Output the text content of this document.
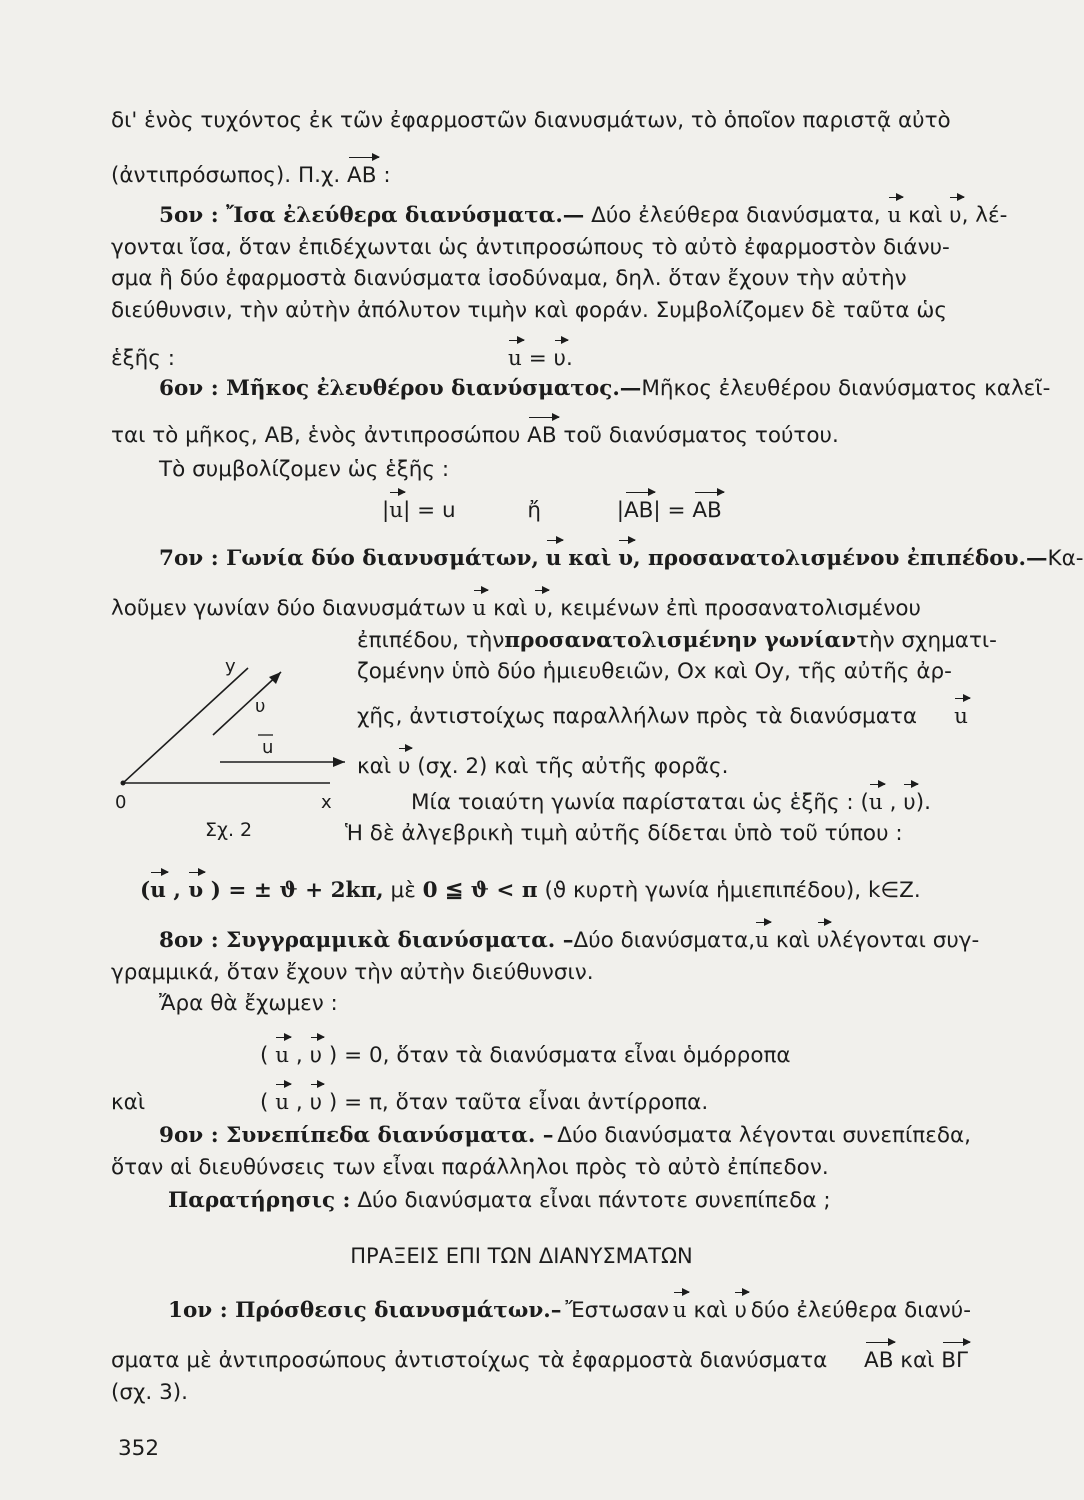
δι' ἑνὸς τυχόντος ἐκ τῶν ἐφαρμοστῶν διανυσμάτων, τὸ ὁποῖον παριστᾷ αὐτὸ
(ἀντιπρόσωπος). Π.χ. ΑΒ :
5ον : Ἴσα ἐλεύθερα διανύσματα.— Δύο ἐλεύθερα διανύσματα, u καὶ υ, λέ-
γονται ἴσα, ὅταν ἐπιδέχωνται ὡς ἀντιπροσώπους τὸ αὐτὸ ἐφαρμοστὸν διάνυ-
σμα ἢ δύο ἐφαρμοστὰ διανύσματα ἰσοδύναμα, δηλ. ὅταν ἔχουν τὴν αὐτὴν
διεύθυνσιν, τὴν αὐτὴν ἀπόλυτον τιμὴν καὶ φοράν. Συμβολίζομεν δὲ ταῦτα ὡς
ἑξῆς :	u = υ.
6ον : Μῆκος ἐλευθέρου διανύσματος.— Μῆκος ἐλευθέρου διανύσματος καλεῖ-
ται τὸ μῆκος, ΑΒ, ἑνὸς ἀντιπροσώπου ΑΒ τοῦ διανύσματος τούτου.
Τὸ συμβολίζομεν ὡς ἑξῆς :
|u| = u	ἤ	|ΑΒ| = ΑΒ
7ον : Γωνία δύο διανυσμάτων, u καὶ υ, προσανατολισμένου ἐπιπέδου.— Κα-
λοῦμεν γωνίαν δύο διανυσμάτων u καὶ υ, κειμένων ἐπὶ προσανατολισμένου
ἐπιπέδου, τὴν προσανατολισμένην γωνίαν τὴν σχηματι-
ζομένην ὑπὸ δύο ἡμιευθειῶν, Οx καὶ Οy, τῆς αὐτῆς ἀρ-
χῆς, ἀντιστοίχως παραλλήλων πρὸς τὰ διανύσματα u
καὶ υ (σχ. 2) καὶ τῆς αὐτῆς φορᾶς.
Μία τοιαύτη γωνία παρίσταται ὡς ἑξῆς : (u , υ).
Ἡ δὲ ἀλγεβρικὴ τιμὴ αὐτῆς δίδεται ὑπὸ τοῦ τύπου :
y
υ
u
x
0
Σχ. 2
(u , υ ) = ± ϑ + 2kπ, μὲ 0 ≦ ϑ < π (ϑ κυρτὴ γωνία ἡμιεπιπέδου), k∈Z.
8ον : Συγγραμμικὰ διανύσματα. – Δύο διανύσματα, u καὶ υ λέγονται συγ-
γραμμικά, ὅταν ἔχουν τὴν αὐτὴν διεύθυνσιν.
Ἄρα θὰ ἔχωμεν :
( u , υ ) = 0, ὅταν τὰ διανύσματα εἶναι ὁμόρροπα
καὶ	( u , υ ) = π, ὅταν ταῦτα εἶναι ἀντίρροπα.
9ον : Συνεπίπεδα διανύσματα. – Δύο διανύσματα λέγονται συνεπίπεδα,
ὅταν αἱ διευθύνσεις των εἶναι παράλληλοι πρὸς τὸ αὐτὸ ἐπίπεδον.
Παρατήρησις : Δύο διανύσματα εἶναι πάντοτε συνεπίπεδα ;
ΠΡΑΞΕΙΣ ΕΠΙ ΤΩΝ ΔΙΑΝΥΣΜΑΤΩΝ
1ον : Πρόσθεσις διανυσμάτων.– Ἔστωσαν u καὶ υ δύο ἐλεύθερα διανύ-
σματα μὲ ἀντιπροσώπους ἀντιστοίχως τὰ ἐφαρμοστὰ διανύσματα ΑΒ καὶ ΒΓ
(σχ. 3).
352
